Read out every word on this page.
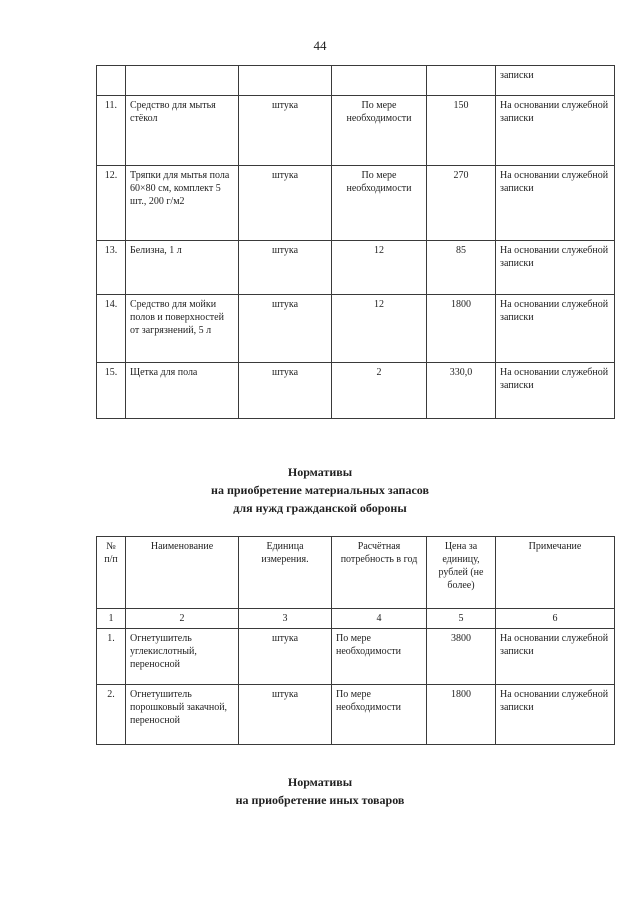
44
					записки
11.	Средство для мытья стёкол	штука	По мере необходимости	150	На основании служебной записки
12.	Тряпки для мытья пола 60×80 см, комплект 5 шт., 200 г/м2	штука	По мере необходимости	270	На основании служебной записки
13.	Белизна, 1 л	штука	12	85	На основании служебной записки
14.	Средство для мойки полов и поверхностей от загрязнений, 5 л	штука	12	1800	На основании служебной записки
15.	Щетка для пола	штука	2	330,0	На основании служебной записки
Нормативы
на приобретение материальных запасов
для нужд гражданской обороны
№ п/п	Наименование	Единица измерения.	Расчётная потребность в год	Цена за единицу, рублей (не более)	Примечание
1	2	3	4	5	6
1.	Огнетушитель углекислотный, переносной	штука	По мере необходимости	3800	На основании служебной записки
2.	Огнетушитель порошковый закачной, переносной	штука	По мере необходимости	1800	На основании служебной записки
Нормативы
на приобретение иных товаров
